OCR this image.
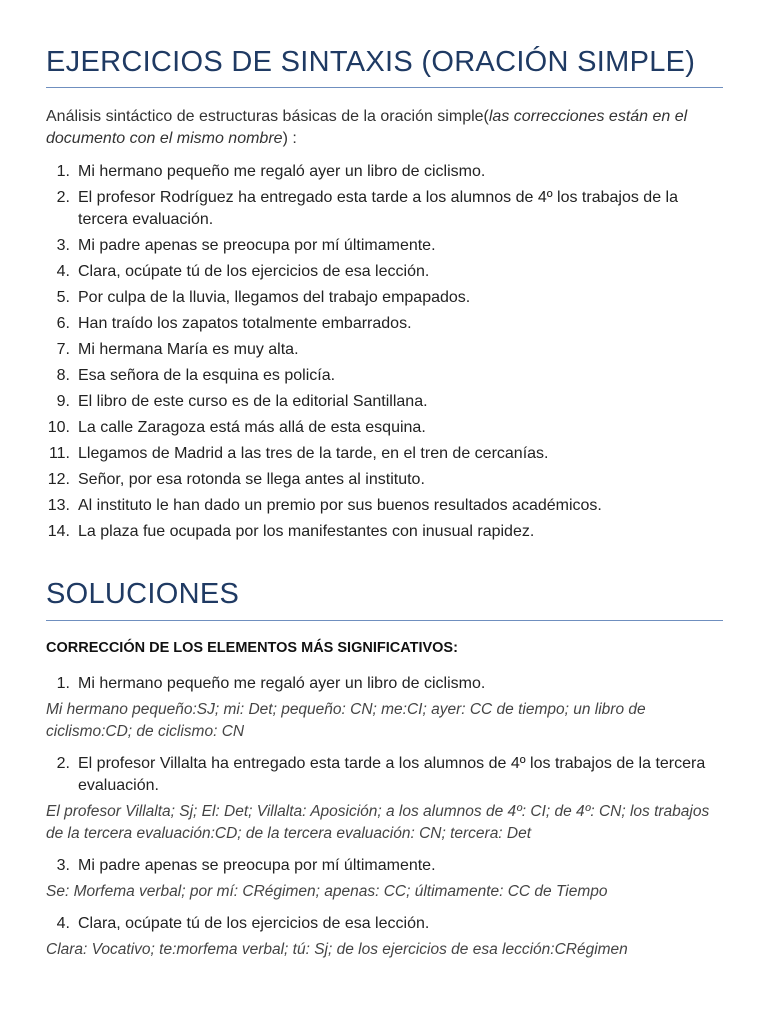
EJERCICIOS DE SINTAXIS (ORACIÓN SIMPLE)

Análisis sintáctico de estructuras básicas de la oración simple(las correcciones están en el documento con el mismo nombre) :

1. Mi hermano pequeño me regaló ayer un libro de ciclismo.
2. El profesor Rodríguez ha entregado esta tarde a los alumnos de 4º los trabajos de la tercera evaluación.
3. Mi padre apenas se preocupa por mí últimamente.
4. Clara, ocúpate tú de los ejercicios de esa lección.
5. Por culpa de la lluvia, llegamos del trabajo empapados.
6. Han traído los zapatos totalmente embarrados.
7. Mi hermana María es muy alta.
8. Esa señora de la esquina es policía.
9. El libro de este curso es de la editorial Santillana.
10. La calle Zaragoza está más allá de esta esquina.
11. Llegamos de Madrid a las tres de la tarde, en el tren de cercanías.
12. Señor, por esa rotonda se llega antes al instituto.
13. Al instituto le han dado un premio por sus buenos resultados académicos.
14. La plaza fue ocupada por los manifestantes con inusual rapidez.
SOLUCIONES
CORRECCIÓN DE LOS ELEMENTOS MÁS SIGNIFICATIVOS:
1. Mi hermano pequeño me regaló ayer un libro de ciclismo.
Mi hermano pequeño:SJ; mi: Det; pequeño: CN; me:CI; ayer: CC de tiempo; un libro de ciclismo:CD; de ciclismo: CN
2. El profesor Villalta ha entregado esta tarde a los alumnos de 4º los trabajos de la tercera evaluación.
El profesor Villalta; Sj; El: Det; Villalta: Aposición; a los alumnos de 4º: CI; de 4º: CN; los trabajos de la tercera evaluación:CD; de la tercera evaluación: CN; tercera: Det
3. Mi padre apenas se preocupa por mí últimamente.
Se: Morfema verbal; por mí: CRégimen; apenas: CC; últimamente: CC de Tiempo
4. Clara, ocúpate tú de los ejercicios de esa lección.
Clara: Vocativo; te:morfema verbal; tú: Sj; de los ejercicios de esa lección:CRégimen
